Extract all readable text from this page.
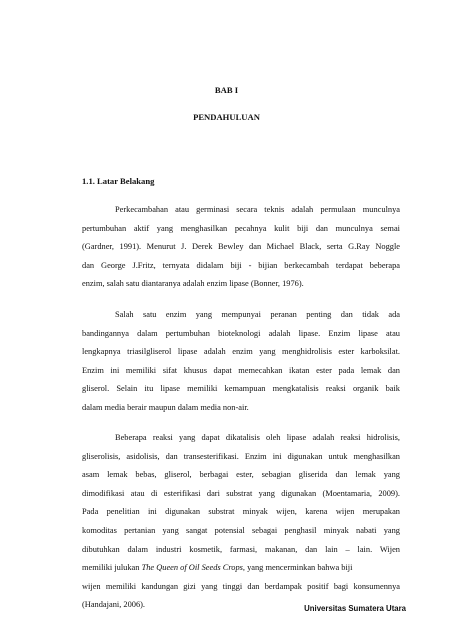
BAB I

PENDAHULUAN

1.1. Latar Belakang

Perkecambahan atau germinasi secara teknis adalah permulaan munculnya
pertumbuhan aktif yang menghasilkan pecahnya kulit biji dan munculnya semai
(Gardner, 1991). Menurut J. Derek Bewley dan Michael Black, serta G.Ray Noggle
dan George J.Fritz, ternyata didalam biji - bijian berkecambah terdapat beberapa
enzim, salah satu diantaranya adalah enzim lipase (Bonner, 1976).
Salah satu enzim yang mempunyai peranan penting dan tidak ada
bandingannya dalam pertumbuhan bioteknologi adalah lipase. Enzim lipase atau
lengkapnya triasilgliserol lipase adalah enzim yang menghidrolisis ester karboksilat.
Enzim ini memiliki sifat khusus dapat memecahkan ikatan ester pada lemak dan
gliserol. Selain itu lipase memiliki kemampuan mengkatalisis reaksi organik baik
dalam media berair maupun dalam media non-air.
Beberapa reaksi yang dapat dikatalisis oleh lipase adalah reaksi hidrolisis,
gliserolisis, asidolisis, dan transesterifikasi. Enzim ini digunakan untuk menghasilkan
asam lemak bebas, gliserol, berbagai ester, sebagian gliserida dan lemak yang
dimodifikasi atau di esterifikasi dari substrat yang digunakan (Moentamaria, 2009).
Pada penelitian ini digunakan substrat minyak wijen, karena wijen merupakan
komoditas pertanian yang sangat potensial sebagai penghasil minyak nabati yang
dibutuhkan dalam industri kosmetik, farmasi, makanan, dan lain – lain. Wijen
memiliki julukan The Queen of Oil Seeds Crops, yang mencerminkan bahwa biji
wijen memiliki kandungan gizi yang tinggi dan berdampak positif bagi konsumennya
(Handajani, 2006).	Universitas Sumatera Utara
